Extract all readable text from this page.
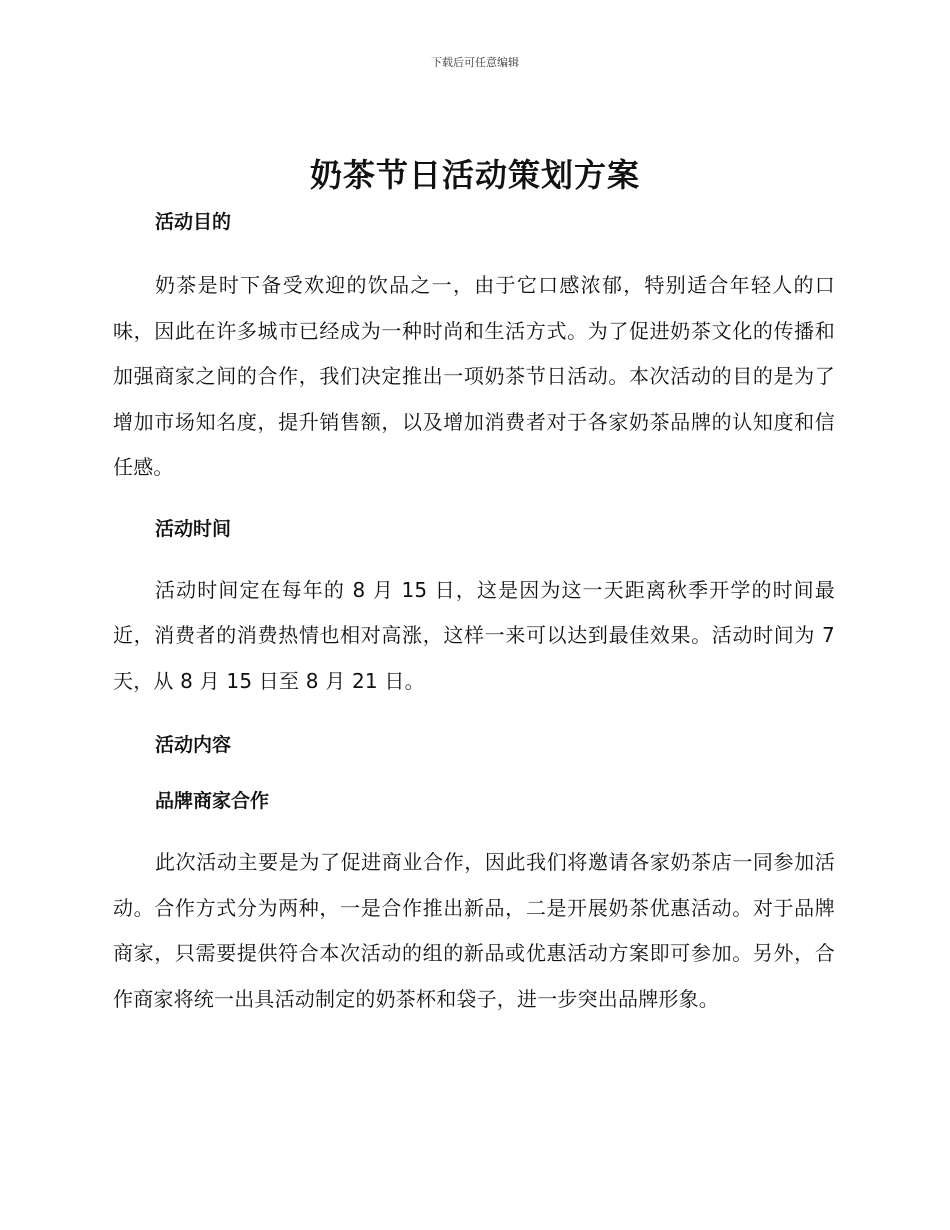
下载后可任意编辑
奶茶节日活动策划方案
活动目的

奶茶是时下备受欢迎的饮品之一，由于它口感浓郁，特别适合年轻人的口味，因此在许多城市已经成为一种时尚和生活方式。为了促进奶茶文化的传播和加强商家之间的合作，我们决定推出一项奶茶节日活动。本次活动的目的是为了增加市场知名度，提升销售额，以及增加消费者对于各家奶茶品牌的认知度和信任感。

活动时间

活动时间定在每年的 8 月 15 日，这是因为这一天距离秋季开学的时间最近，消费者的消费热情也相对高涨，这样一来可以达到最佳效果。活动时间为 7 天，从 8 月 15 日至 8 月 21 日。

活动内容
品牌商家合作

此次活动主要是为了促进商业合作，因此我们将邀请各家奶茶店一同参加活动。合作方式分为两种，一是合作推出新品，二是开展奶茶优惠活动。对于品牌商家，只需要提供符合本次活动的组的新品或优惠活动方案即可参加。另外，合作商家将统一出具活动制定的奶茶杯和袋子，进一步突出品牌形象。
